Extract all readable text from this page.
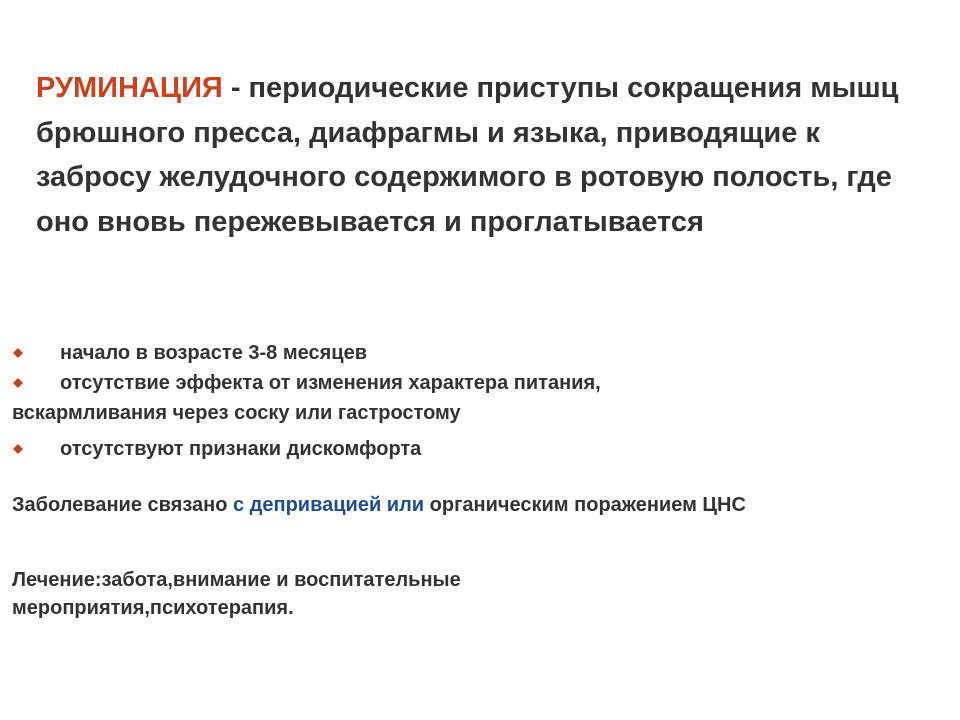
РУМИНАЦИЯ - периодические приступы сокращения мышц брюшного пресса, диафрагмы и языка, приводящие к забросу желудочного содержимого в ротовую полость, где оно вновь пережевывается и проглатывается

начало в возрасте 3-8 месяцев
отсутствие эффекта от изменения характера питания,
вскармливания через соску или гастростому
отсутствуют признаки дискомфорта

Заболевание связано с депривацией или органическим поражением ЦНС

Лечение:забота,внимание и воспитательные
мероприятия,психотерапия.
